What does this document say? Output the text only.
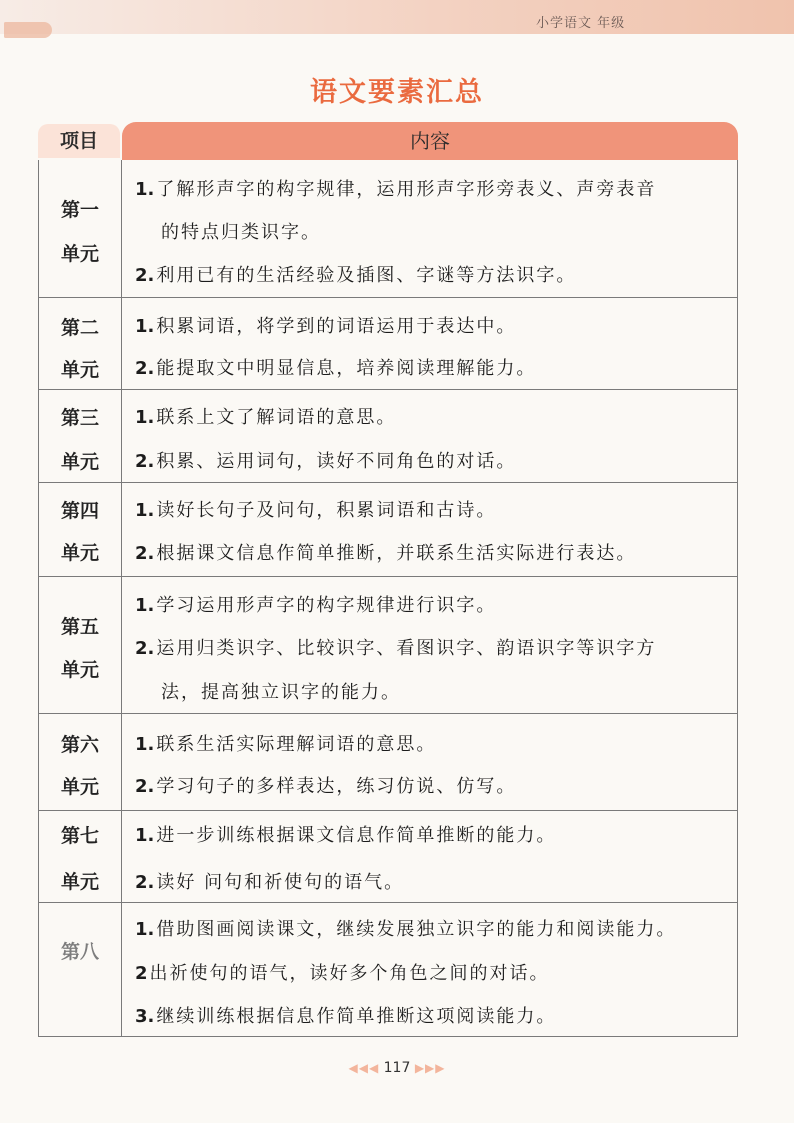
小学语文 年级
语文要素汇总
项目	内容
第一
单元
1. 了解形声字的构字规律，运用形声字形旁表义、声旁表音
的特点归类识字。
2. 利用已有的生活经验及插图、字谜等方法识字。
第二
单元
1. 积累词语，将学到的词语运用于表达中。
2. 能提取文中明显信息，培养阅读理解能力。
第三
单元
1. 联系上文了解词语的意思。
2. 积累、运用词句，读好不同角色的对话。
第四
单元
1. 读好长句子及问句，积累词语和古诗。
2. 根据课文信息作简单推断，并联系生活实际进行表达。
第五
单元
1. 学习运用形声字的构字规律进行识字。
2. 运用归类识字、比较识字、看图识字、韵语识字等识字方
法，提高独立识字的能力。
第六
单元
1. 联系生活实际理解词语的意思。
2. 学习句子的多样表达，练习仿说、仿写。
第七
单元
1. 进一步训练根据课文信息作简单推断的能力。
2. 读好 问句和祈使句的语气。
第八
1. 借助图画阅读课文，继续发展独立识字的能力和阅读能力。
2 出祈使句的语气，读好多个角色之间的对话。
3. 继续训练根据信息作简单推断这项阅读能力。
◀◀◀ 117 ▶▶▶
